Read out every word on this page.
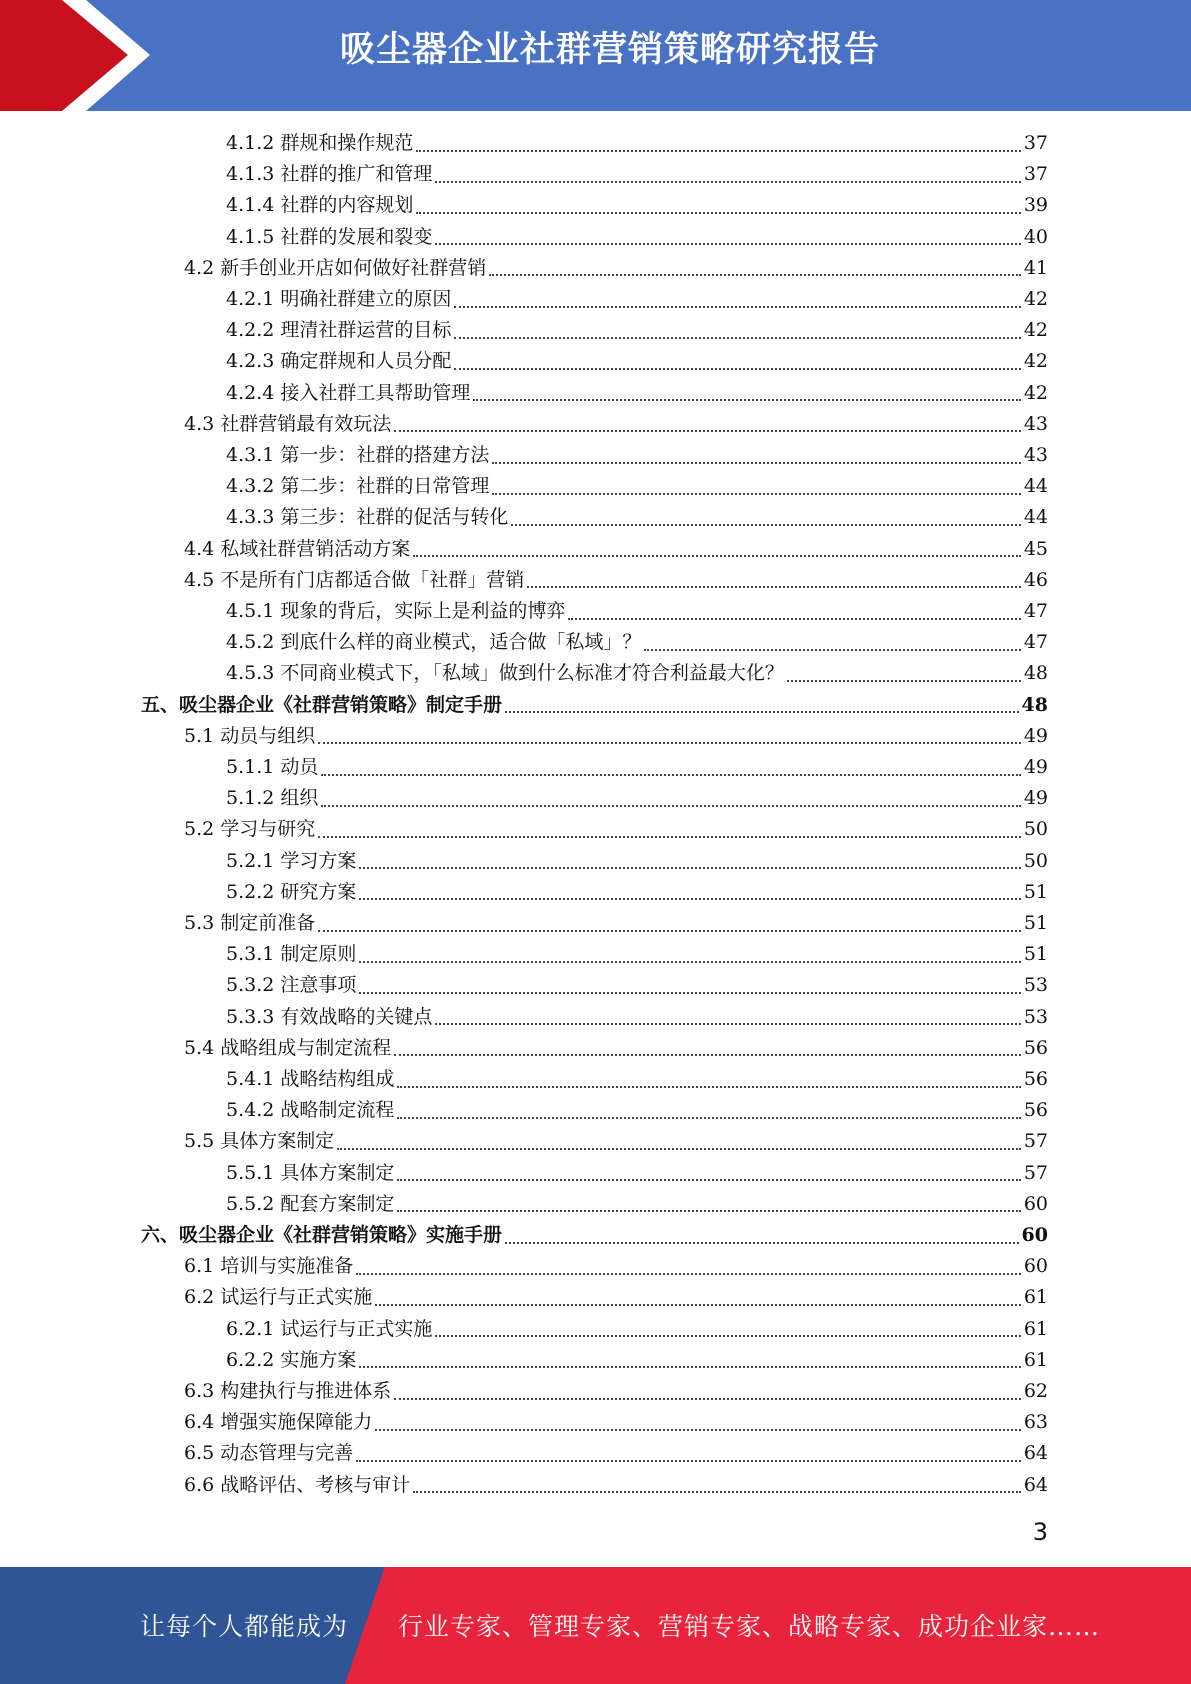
吸尘器企业社群营销策略研究报告
4.1.2 群规和操作规范	37
4.1.3 社群的推广和管理	37
4.1.4 社群的内容规划	39
4.1.5 社群的发展和裂变	40
4.2 新手创业开店如何做好社群营销	41
4.2.1 明确社群建立的原因	42
4.2.2 理清社群运营的目标	42
4.2.3 确定群规和人员分配	42
4.2.4 接入社群工具帮助管理	42
4.3 社群营销最有效玩法	43
4.3.1 第一步：社群的搭建方法	43
4.3.2 第二步：社群的日常管理	44
4.3.3 第三步：社群的促活与转化	44
4.4 私域社群营销活动方案	45
4.5 不是所有门店都适合做「社群」营销	46
4.5.1 现象的背后，实际上是利益的博弈	47
4.5.2 到底什么样的商业模式，适合做「私域」？	47
4.5.3 不同商业模式下，「私域」做到什么标准才符合利益最大化？	48
五、 吸尘器企业《社群营销策略》制定手册	48
5.1 动员与组织	49
5.1.1 动员	49
5.1.2 组织	49
5.2 学习与研究	50
5.2.1 学习方案	50
5.2.2 研究方案	51
5.3 制定前准备	51
5.3.1 制定原则	51
5.3.2 注意事项	53
5.3.3 有效战略的关键点	53
5.4 战略组成与制定流程	56
5.4.1 战略结构组成	56
5.4.2 战略制定流程	56
5.5 具体方案制定	57
5.5.1 具体方案制定	57
5.5.2 配套方案制定	60
六、 吸尘器企业《社群营销策略》实施手册	60
6.1 培训与实施准备	60
6.2 试运行与正式实施	61
6.2.1 试运行与正式实施	61
6.2.2 实施方案	61
6.3 构建执行与推进体系	62
6.4 增强实施保障能力	63
6.5 动态管理与完善	64
6.6 战略评估、考核与审计	64
3
让每个人都能成为 行业专家、管理专家、营销专家、战略专家、成功企业家……
